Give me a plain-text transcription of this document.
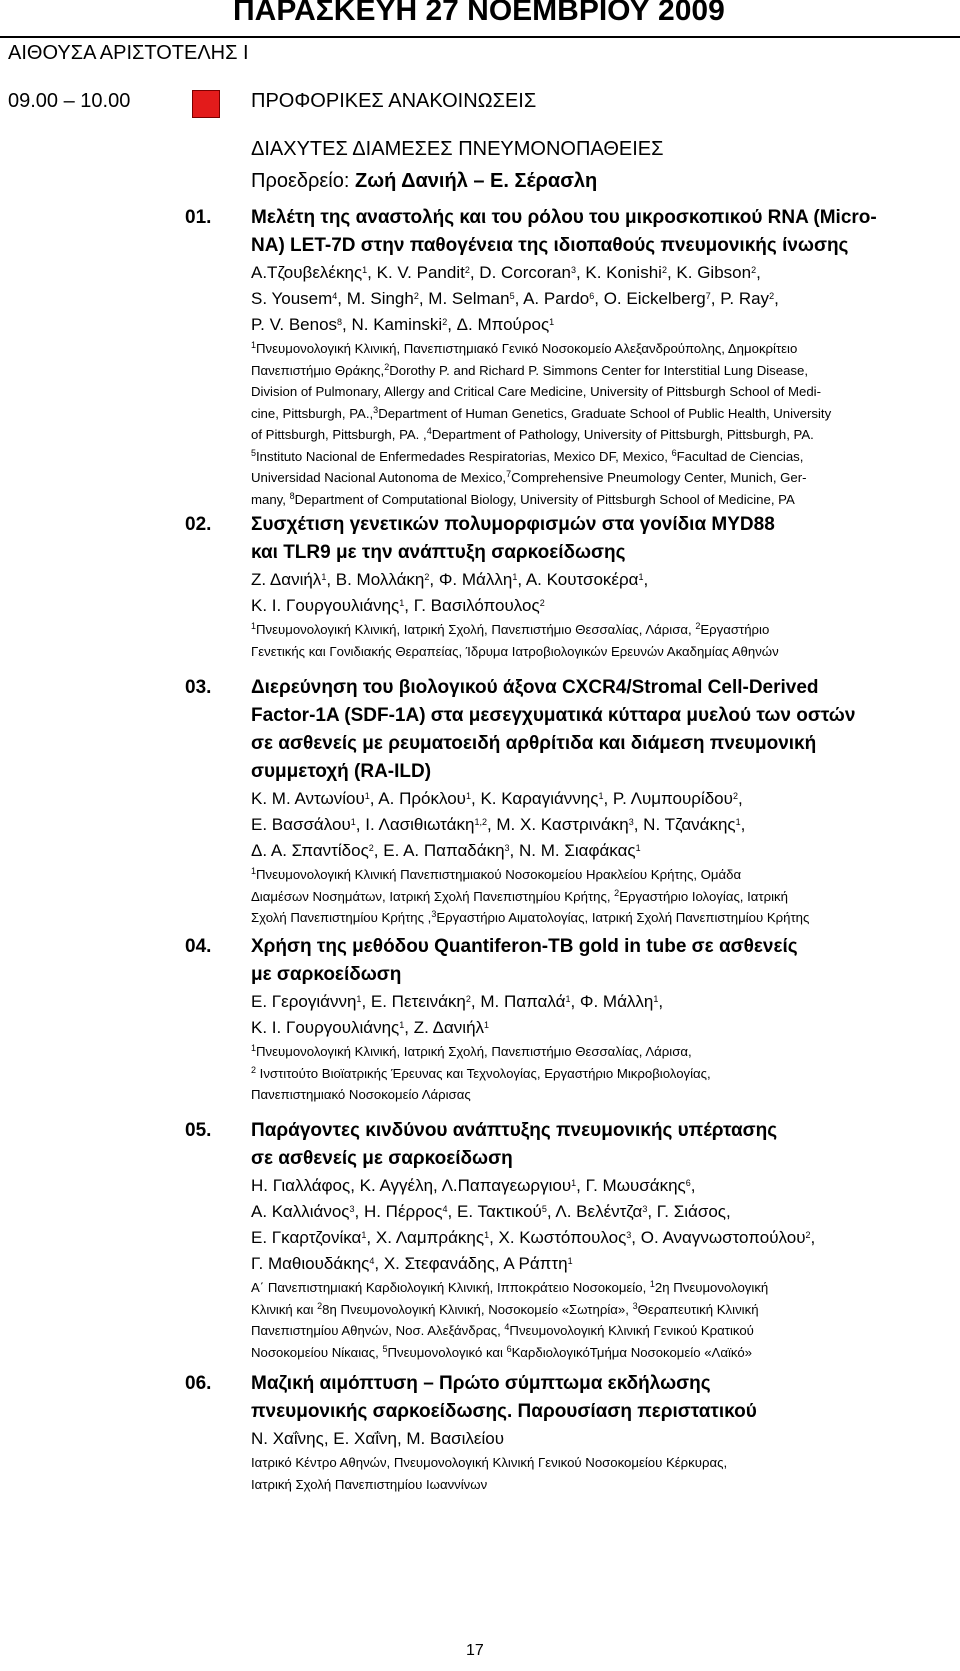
ΠΑΡΑΣΚΕΥΗ 27 ΝΟΕΜΒΡΙΟΥ 2009
ΑΙΘΟΥΣΑ ΑΡΙΣΤΟΤΕΛΗΣ Ι
09.00 – 10.00	ΠΡΟΦΟΡΙΚΕΣ ΑΝΑΚΟΙΝΩΣΕΙΣ
ΔΙΑΧΥΤΕΣ ΔΙΑΜΕΣΕΣ ΠΝΕΥΜΟΝΟΠΑΘΕΙΕΣ
Προεδρείο: Ζωή Δανιήλ – Ε. Σέρασλη
01. Μελέτη της αναστολής και του ρόλου του μικροσκοπικού RNA (Micro-
NA) LET-7D στην παθογένεια της ιδιοπαθούς πνευμονικής ίνωσης
Α.Τζουβελέκης$^1$, K. V. Pandit$^2$, D. Corcoran$^3$, K. Konishi$^2$, K. Gibson$^2$,
S. Yousem$^4$, M. Singh$^2$, M. Selman$^5$, A. Pardo$^6$, O. Eickelberg$^7$, P. Ray$^2$,
P. V. Benos$^8$, N. Kaminski$^2$, Δ. Μπούρος$^1$
$^1$Πνευμονολογική Κλινική, Πανεπιστημιακό Γενικό Νοσοκομείο Αλεξανδρούπολης, Δημοκρίτειο
Πανεπιστήμιο Θράκης,$^2$Dorothy P. and Richard P. Simmons Center for Interstitial Lung Disease,
Division of Pulmonary, Allergy and Critical Care Medicine, University of Pittsburgh School of Medi-
cine, Pittsburgh, PA.,$^3$Department of Human Genetics, Graduate School of Public Health, University
of Pittsburgh, Pittsburgh, PA. ,$^4$Department of Pathology, University of Pittsburgh, Pittsburgh, PA.
$^5$Instituto Nacional de Enfermedades Respiratorias, Mexico DF, Mexico, $^6$Facultad de Ciencias,
Universidad Nacional Autonoma de Mexico,$^7$Comprehensive Pneumology Center, Munich, Ger-
many, $^8$Department of Computational Biology, University of Pittsburgh School of Medicine, PA
02. Συσχέτιση γενετικών πολυμορφισμών στα γονίδια MYD88
και TLR9 με την ανάπτυξη σαρκοείδωσης
Ζ. Δανιήλ$^1$, Β. Μολλάκη$^2$, Φ. Μάλλη$^1$, Α. Κουτσοκέρα$^1$,
Κ. Ι. Γουργουλιάνης$^1$, Γ. Βασιλόπουλος$^2$
$^1$Πνευμονολογική Κλινική, Ιατρική Σχολή, Πανεπιστήμιο Θεσσαλίας, Λάρισα, $^2$Εργαστήριο
Γενετικής και Γονιδιακής Θεραπείας, Ίδρυμα Ιατροβιολογικών Ερευνών Ακαδημίας Αθηνών
03. Διερεύνηση του βιολογικού άξονα CXCR4/Stromal Cell-Derived
Factor-1A (SDF-1A) στα μεσεγχυματικά κύτταρα μυελού των οστών
σε ασθενείς με ρευματοειδή αρθρίτιδα και διάμεση πνευμονική
συμμετοχή (RA-ILD)
Κ. Μ. Αντωνίου$^1$, Α. Πρόκλου$^1$, Κ. Καραγιάννης$^1$, Ρ. Λυμπουρίδου$^2$,
Ε. Βασσάλου$^1$, Ι. Λασιθιωτάκη$^{1,2}$, Μ. Χ. Καστρινάκη$^3$, Ν. Τζανάκης$^1$,
Δ. Α. Σπαντίδος$^2$, Ε. Α. Παπαδάκη$^3$, Ν. Μ. Σιαφάκας$^1$
$^1$Πνευμονολογική Κλινική Πανεπιστημιακού Νοσοκομείου Ηρακλείου Κρήτης, Ομάδα
Διαμέσων Νοσημάτων, Ιατρική Σχολή Πανεπιστημίου Κρήτης, $^2$Εργαστήριο Ιολογίας, Ιατρική
Σχολή Πανεπιστημίου Κρήτης ,$^3$Εργαστήριο Αιματολογίας, Ιατρική Σχολή Πανεπιστημίου Κρήτης
04. Χρήση της μεθόδου Quantiferon-TB gold in tube σε ασθενείς
με σαρκοείδωση
Ε. Γερογιάννη$^1$, Ε. Πετεινάκη$^2$, Μ. Παπαλά$^1$, Φ. Μάλλη$^1$,
Κ. Ι. Γουργουλιάνης$^1$, Ζ. Δανιήλ$^1$
$^1$Πνευμονολογική Κλινική, Ιατρική Σχολή, Πανεπιστήμιο Θεσσαλίας, Λάρισα,
$^2$ Ινστιτούτο Βιοϊατρικής Έρευνας και Τεχνολογίας, Εργαστήριο Μικροβιολογίας,
Πανεπιστημιακό Νοσοκομείο Λάρισας
05. Παράγοντες κινδύνου ανάπτυξης πνευμονικής υπέρτασης
σε ασθενείς με σαρκοείδωση
Η. Γιαλλάφος, Κ. Αγγέλη, Λ.Παπαγεωργιου$^1$, Γ. Μωυσάκης$^6$,
Α. Καλλιάνος$^3$, Η. Πέρρος$^4$, Ε. Τακτικού$^5$, Λ. Βελέντζα$^3$, Γ. Σιάσος,
Ε. Γκαρτζονίκα$^1$, Χ. Λαμπράκης$^1$, Χ. Κωστόπουλος$^3$, Ο. Αναγνωστοπούλου$^2$,
Γ. Μαθιουδάκης$^4$, Χ. Στεφανάδης, Α Ράπτη$^1$
Α΄ Πανεπιστημιακή Καρδιολογική Κλινική, Ιπποκράτειο Νοσοκομείο, $^1$2η Πνευμονολογική
Κλινική και $^2$8η Πνευμονολογική Κλινική, Νοσοκομείο «Σωτηρία», $^3$Θεραπευτική Κλινική
Πανεπιστημίου Αθηνών, Νοσ. Αλεξάνδρας, $^4$Πνευμονολογική Κλινική Γενικού Κρατικού
Νοσοκομείου Νίκαιας, $^5$Πνευμονολογικό και $^6$ΚαρδιολογικόΤμήμα Νοσοκομείο «Λαϊκό»
06. Μαζική αιμόπτυση – Πρώτο σύμπτωμα εκδήλωσης
πνευμονικής σαρκοείδωσης. Παρουσίαση περιστατικού
Ν. Χαΐνης, Ε. Χαΐνη, Μ. Βασιλείου
Ιατρικό Κέντρο Αθηνών, Πνευμονολογική Κλινική Γενικού Νοσοκομείου Κέρκυρας,
Ιατρική Σχολή Πανεπιστημίου Ιωαννίνων
17
